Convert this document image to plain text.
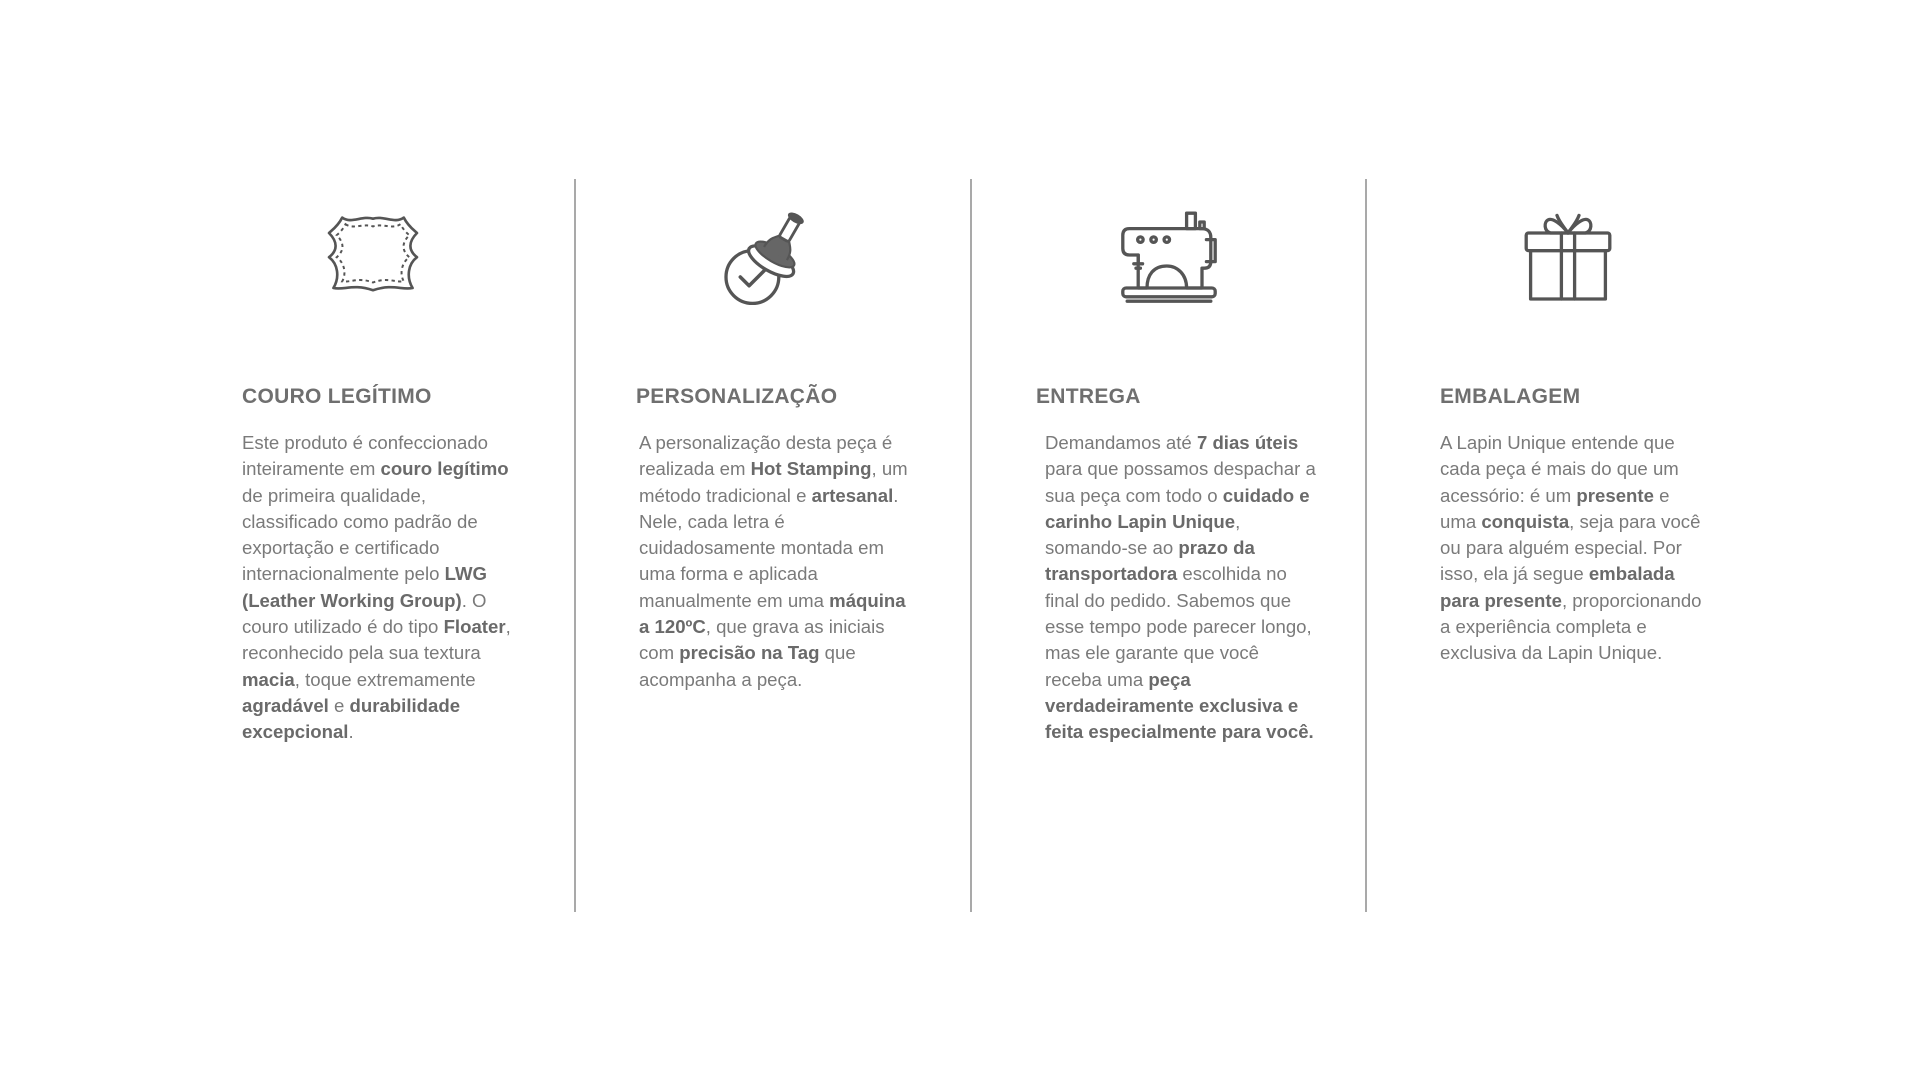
COURO LEGÍTIMO

Este produto é confeccionado inteiramente em couro legítimo de primeira qualidade, classificado como padrão de exportação e certificado internacionalmente pelo LWG (Leather Working Group). O couro utilizado é do tipo Floater, reconhecido pela sua textura macia, toque extremamente agradável e durabilidade excepcional.

PERSONALIZAÇÃO

A personalização desta peça é realizada em Hot Stamping, um método tradicional e artesanal. Nele, cada letra é cuidadosamente montada em uma forma e aplicada manualmente em uma máquina a 120ºC, que grava as iniciais com precisão na Tag que acompanha a peça.

ENTREGA

Demandamos até 7 dias úteis para que possamos despachar a sua peça com todo o cuidado e carinho Lapin Unique, somando-se ao prazo da transportadora escolhida no final do pedido. Sabemos que esse tempo pode parecer longo, mas ele garante que você receba uma peça verdadeiramente exclusiva e feita especialmente para você.

EMBALAGEM

A Lapin Unique entende que cada peça é mais do que um acessório: é um presente e uma conquista, seja para você ou para alguém especial. Por isso, ela já segue embalada para presente, proporcionando a experiência completa e exclusiva da Lapin Unique.
